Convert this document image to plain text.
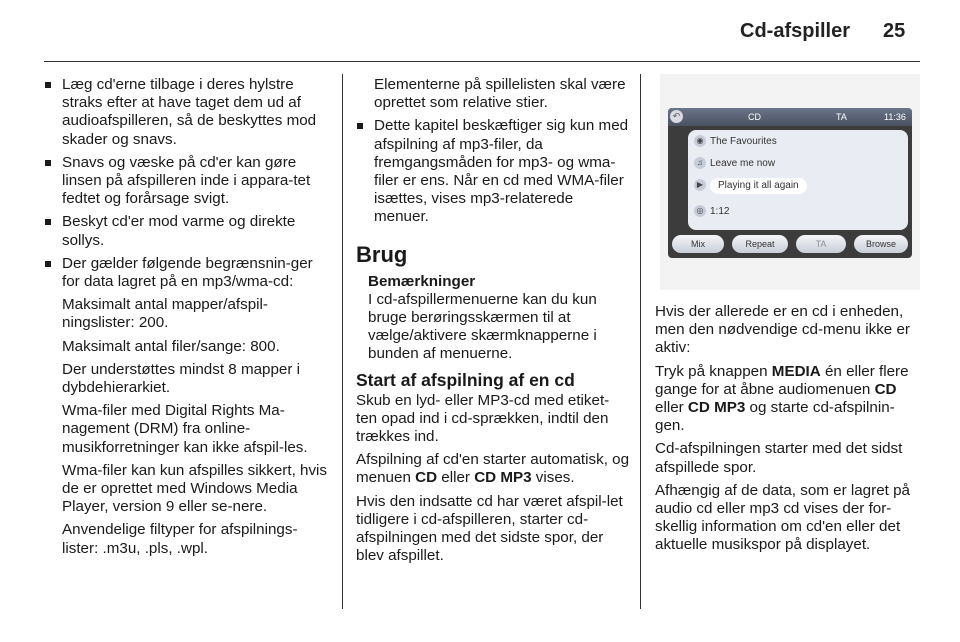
Cd-afspiller 25

Læg cd'erne tilbage i deres hylstre straks efter at have taget dem ud af audioafspilleren, så de beskyttes mod skader og snavs.

Snavs og væske på cd'er kan gøre linsen på afspilleren inde i appara-tet fedtet og forårsage svigt.

Beskyt cd'er mod varme og direkte sollys.

Der gælder følgende begrænsnin-ger for data lagret på en mp3/wma-cd:

Maksimalt antal mapper/afspil-ningslister: 200.

Maksimalt antal filer/sange: 800.

Der understøttes mindst 8 mapper i dybdehierarkiet.

Wma-filer med Digital Rights Ma-nagement (DRM) fra online-musikforretninger kan ikke afspil-les.

Wma-filer kan kun afspilles sikkert, hvis de er oprettet med Windows Media Player, version 9 eller se-nere.

Anvendelige filtyper for afspilnings-lister: .m3u, .pls, .wpl.

Elementerne på spillelisten skal være oprettet som relative stier.

Dette kapitel beskæftiger sig kun med afspilning af mp3-filer, da fremgangsmåden for mp3- og wma-filer er ens. Når en cd med WMA-filer isættes, vises mp3-relaterede menuer.

Brug
Bemærkninger
I cd-afspillermenuerne kan du kun bruge berøringsskærmen til at vælge/aktivere skærmknapperne i bunden af menuerne.
Start af afspilning af en cd

Skub en lyd- eller MP3-cd med etiket-ten opad ind i cd-sprækken, indtil den trækkes ind.

Afspilning af cd'en starter automatisk, og menuen CD eller CD MP3 vises.

Hvis den indsatte cd har været afspil-let tidligere i cd-afspilleren, starter cd-afspilningen med det sidste spor, der blev afspillet.

↶	CD	TA	11:36
◉ The Favourites
♫ Leave me now
▶ Playing it all again
◎ 1:12
Mix	Repeat	TA	Browse

Hvis der allerede er en cd i enheden, men den nødvendige cd-menu ikke er aktiv:

Tryk på knappen MEDIA én eller flere gange for at åbne audiomenuen CD eller CD MP3 og starte cd-afspilnin-gen.

Cd-afspilningen starter med det sidst afspillede spor.

Afhængig af de data, som er lagret på audio cd eller mp3 cd vises der for-skellig information om cd'en eller det aktuelle musikspor på displayet.
